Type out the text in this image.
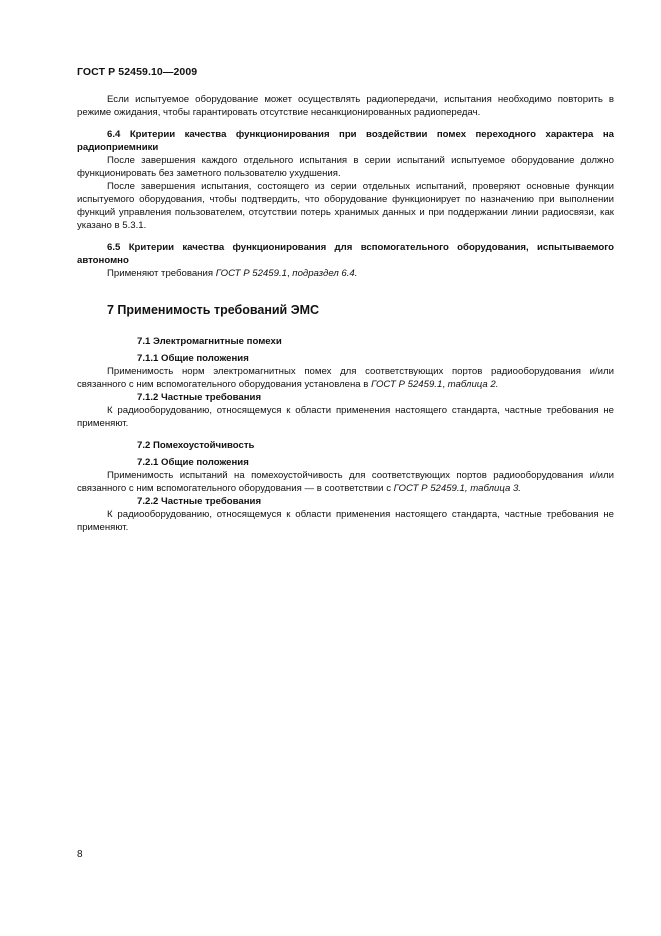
ГОСТ Р 52459.10—2009

Если испытуемое оборудование может осуществлять радиопередачи, испытания необходимо повторить в режиме ожидания, чтобы гарантировать отсутствие несанкционированных радиопередач.

6.4 Критерии качества функционирования при воздействии помех переходного характера на радиоприемники

После завершения каждого отдельного испытания в серии испытаний испытуемое оборудование должно функционировать без заметного пользователю ухудшения.

После завершения испытания, состоящего из серии отдельных испытаний, проверяют основные функции испытуемого оборудования, чтобы подтвердить, что оборудование функционирует по назначению при выполнении функций управления пользователем, отсутствии потерь хранимых данных и при поддержании линии радиосвязи, как указано в 5.3.1.

6.5 Критерии качества функционирования для вспомогательного оборудования, испытываемого автономно

Применяют требования ГОСТ Р 52459.1, подраздел 6.4.

7 Применимость требований ЭМС

7.1 Электромагнитные помехи

7.1.1 Общие положения

Применимость норм электромагнитных помех для соответствующих портов радиооборудования и/или связанного с ним вспомогательного оборудования установлена в ГОСТ Р 52459.1, таблица 2.

7.1.2 Частные требования

К радиооборудованию, относящемуся к области применения настоящего стандарта, частные требования не применяют.

7.2 Помехоустойчивость

7.2.1 Общие положения

Применимость испытаний на помехоустойчивость для соответствующих портов радиооборудования и/или связанного с ним вспомогательного оборудования — в соответствии с ГОСТ Р 52459.1, таблица 3.

7.2.2 Частные требования

К радиооборудованию, относящемуся к области применения настоящего стандарта, частные требования не применяют.

8
